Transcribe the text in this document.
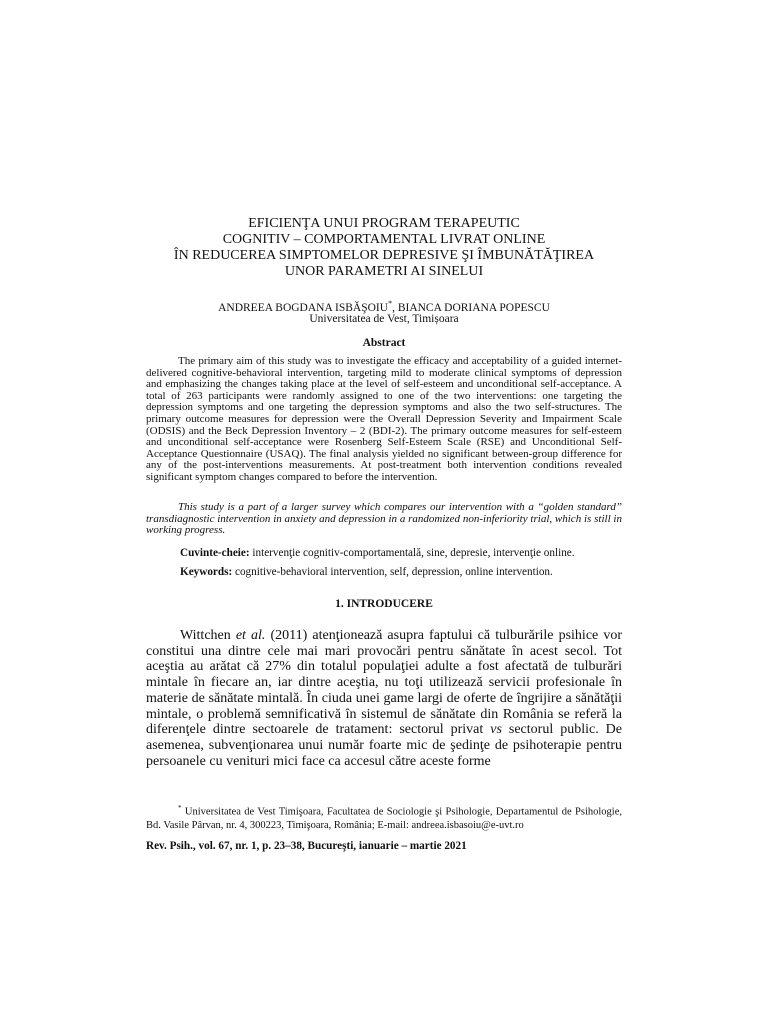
EFICIENŢA UNUI PROGRAM TERAPEUTIC
COGNITIV – COMPORTAMENTAL LIVRAT ONLINE
ÎN REDUCEREA SIMPTOMELOR DEPRESIVE ŞI ÎMBUNĂTĂŢIREA
UNOR PARAMETRI AI SINELUI
ANDREEA BOGDANA ISBĂŞOIU*, BIANCA DORIANA POPESCU
Universitatea de Vest, Timișoara
Abstract
The primary aim of this study was to investigate the efficacy and acceptability of a guided internet-delivered cognitive-behavioral intervention, targeting mild to moderate clinical symptoms of depression and emphasizing the changes taking place at the level of self-esteem and unconditional self-acceptance. A total of 263 participants were randomly assigned to one of the two interventions: one targeting the depression symptoms and one targeting the depression symptoms and also the two self-structures. The primary outcome measures for depression were the Overall Depression Severity and Impairment Scale (ODSIS) and the Beck Depression Inventory – 2 (BDI-2). The primary outcome measures for self-esteem and unconditional self-acceptance were Rosenberg Self-Esteem Scale (RSE) and Unconditional Self-Acceptance Questionnaire (USAQ). The final analysis yielded no significant between-group difference for any of the post-interventions measurements. At post-treatment both intervention conditions revealed significant symptom changes compared to before the intervention.
This study is a part of a larger survey which compares our intervention with a “golden standard” transdiagnostic intervention in anxiety and depression in a randomized non-inferiority trial, which is still in working progress.
Cuvinte-cheie: intervenţie cognitiv-comportamentală, sine, depresie, intervenţie online.
Keywords: cognitive-behavioral intervention, self, depression, online intervention.
1. INTRODUCERE
Wittchen et al. (2011) atenţionează asupra faptului că tulburările psihice vor constitui una dintre cele mai mari provocări pentru sănătate în acest secol. Tot aceştia au arătat că 27% din totalul populaţiei adulte a fost afectată de tulburări mintale în fiecare an, iar dintre aceştia, nu toţi utilizează servicii profesionale în materie de sănătate mintală. În ciuda unei game largi de oferte de îngrijire a sănătăţii mintale, o problemă semnificativă în sistemul de sănătate din România se referă la diferenţele dintre sectoarele de tratament: sectorul privat vs sectorul public. De asemenea, subvenţionarea unui număr foarte mic de şedinţe de psihoterapie pentru persoanele cu venituri mici face ca accesul către aceste forme
* Universitatea de Vest Timişoara, Facultatea de Sociologie şi Psihologie, Departamentul de Psihologie, Bd. Vasile Pârvan, nr. 4, 300223, Timişoara, România; E-mail: andreea.isbasoiu@e-uvt.ro
Rev. Psih., vol. 67, nr. 1, p. 23–38, Bucureşti, ianuarie – martie 2021
